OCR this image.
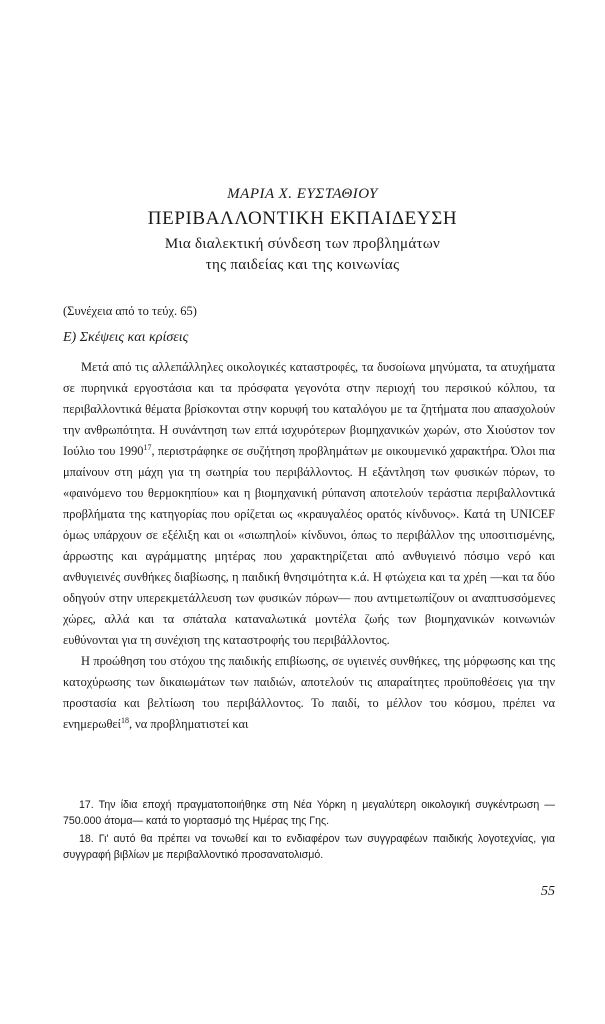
ΜΑΡΙΑ Χ. ΕΥΣΤΑΘΙΟΥ
ΠΕΡΙΒΑΛΛΟΝΤΙΚΗ ΕΚΠΑΙΔΕΥΣΗ
Μια διαλεκτική σύνδεση των προβλημάτων
της παιδείας και της κοινωνίας
(Συνέχεια από το τεύχ. 65)
Ε) Σκέψεις και κρίσεις

Μετά από τις αλλεπάλληλες οικολογικές καταστροφές, τα δυσοίωνα μηνύματα, τα ατυχήματα σε πυρηνικά εργοστάσια και τα πρόσφατα γεγονότα στην περιοχή του περσικού κόλπου, τα περιβαλλοντικά θέματα βρίσκονται στην κορυφή του καταλόγου με τα ζητήματα που απασχολούν την ανθρωπότητα. Η συνάντηση των επτά ισχυρότερων βιομηχανικών χωρών, στο Χιούστον τον Ιούλιο του 1990$^{17}$, περιστράφηκε σε συζήτηση προβλημάτων με οικουμενικό χαρακτήρα. Όλοι πια μπαίνουν στη μάχη για τη σωτηρία του περιβάλλοντος. Η εξάντληση των φυσικών πόρων, το «φαινόμενο του θερμοκηπίου» και η βιομηχανική ρύπανση αποτελούν τεράστια περιβαλλοντικά προβλήματα της κατηγορίας που ορίζεται ως «κραυγαλέος ορατός κίνδυνος». Κατά τη UNICEF όμως υπάρχουν σε εξέλιξη και οι «σιωπηλοί» κίνδυνοι, όπως το περιβάλλον της υποσιτισμένης, άρρωστης και αγράμματης μητέρας που χαρακτηρίζεται από ανθυγιεινό πόσιμο νερό και ανθυγιεινές συνθήκες διαβίωσης, η παιδική θνησιμότητα κ.ά. Η φτώχεια και τα χρέη —και τα δύο οδηγούν στην υπερεκμετάλλευση των φυσικών πόρων— που αντιμετωπίζουν οι αναπτυσσόμενες χώρες, αλλά και τα σπάταλα καταναλωτικά μοντέλα ζωής των βιομηχανικών κοινωνιών ευθύνονται για τη συνέχιση της καταστροφής του περιβάλλοντος.

Η προώθηση του στόχου της παιδικής επιβίωσης, σε υγιεινές συνθήκες, της μόρφωσης και της κατοχύρωσης των δικαιωμάτων των παιδιών, αποτελούν τις απαραίτητες προϋποθέσεις για την προστασία και βελτίωση του περιβάλλοντος. Το παιδί, το μέλλον του κόσμου, πρέπει να ενημερωθεί$^{18}$, να προβληματιστεί και

17. Την ίδια εποχή πραγματοποιήθηκε στη Νέα Υόρκη η μεγαλύτερη οικολογική συγκέντρωση —750.000 άτομα— κατά το γιορτασμό της Ημέρας της Γης.

18. Γι' αυτό θα πρέπει να τονωθεί και το ενδιαφέρον των συγγραφέων παιδικής λογοτεχνίας, για συγγραφή βιβλίων με περιβαλλοντικό προσανατολισμό.

55
